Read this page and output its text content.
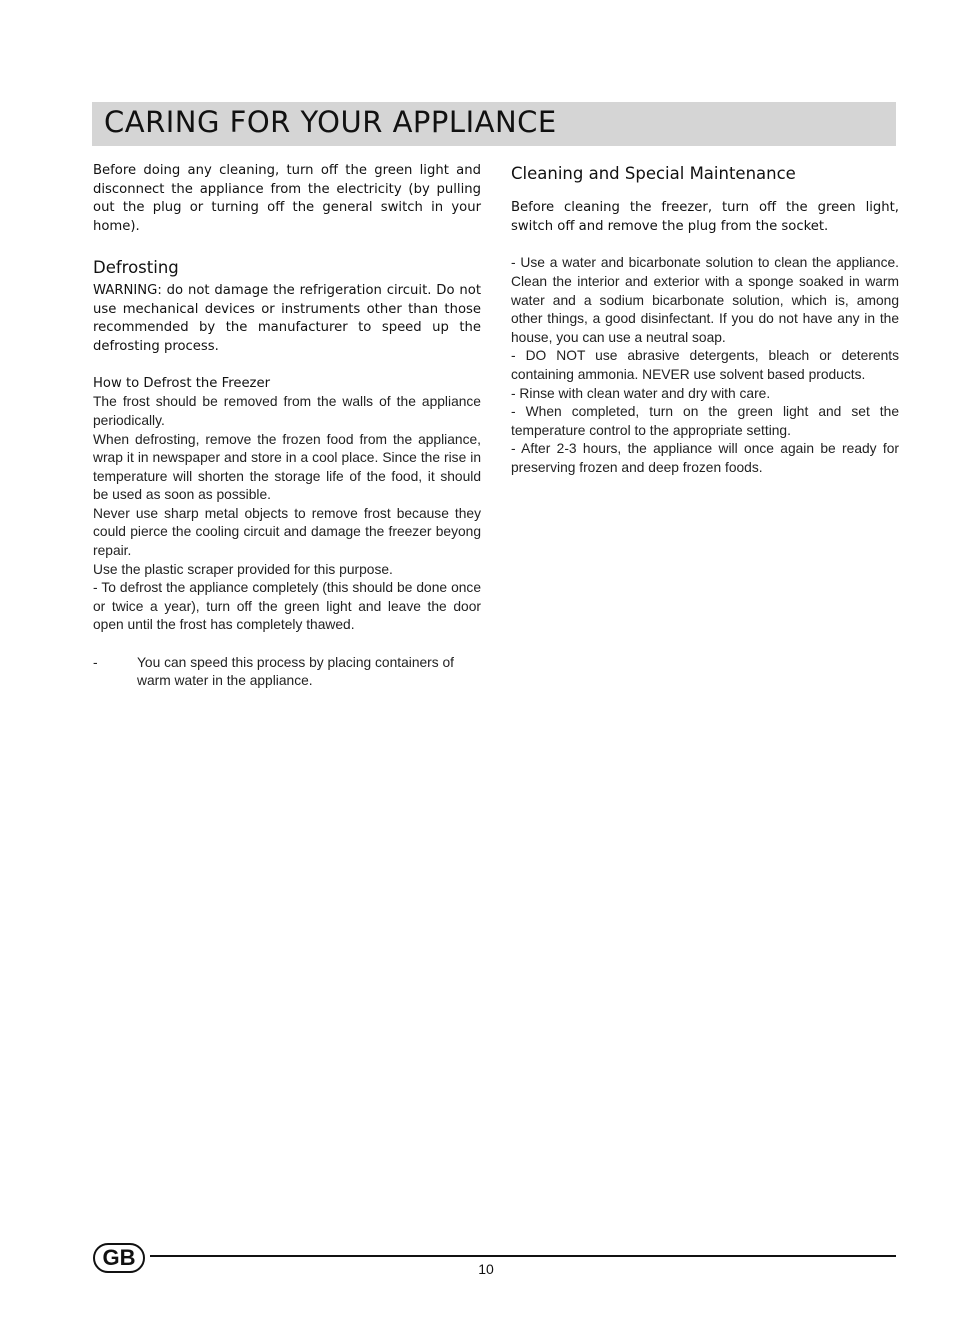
CARING FOR YOUR APPLIANCE

Before doing any cleaning, turn off the green light and disconnect the appliance from the electricity (by pulling out the plug or turning off the general switch in your home).

Defrosting

WARNING: do not damage the refrigeration circuit. Do not use mechanical devices or instruments other than those recommended by the manufacturer to speed up the defrosting process.

How to Defrost the Freezer

The frost should be removed from the walls of the appliance periodically.

When defrosting, remove the frozen food from the appliance, wrap it in newspaper and store in a cool place. Since the rise in temperature will shorten the storage life of the food, it should be used as soon as possible.

Never use sharp metal objects to remove frost because they could pierce the cooling circuit and damage the freezer beyong repair.

Use the plastic scraper provided for this purpose.

- To defrost the appliance completely (this should be done once or twice a year), turn off the green light and leave the door open until the frost has completely thawed.

-	You can speed this process by placing containers of warm water in the appliance.
Cleaning and Special Maintenance

Before cleaning the freezer, turn off the green light, switch off and remove the plug from the socket.

- Use a water and bicarbonate solution to clean the appliance. Clean the interior and exterior with a sponge soaked in warm water and a sodium bicarbonate solution, which is, among other things, a good disinfectant. If you do not have any in the house, you can use a neutral soap.

- DO NOT use abrasive detergents, bleach or deterents containing ammonia. NEVER use solvent based products.

- Rinse with clean water and dry with care.

- When completed, turn on the green light and set the temperature control to the appropriate setting.

- After 2-3 hours, the appliance will once again be ready for preserving frozen and deep frozen foods.

GB	10
